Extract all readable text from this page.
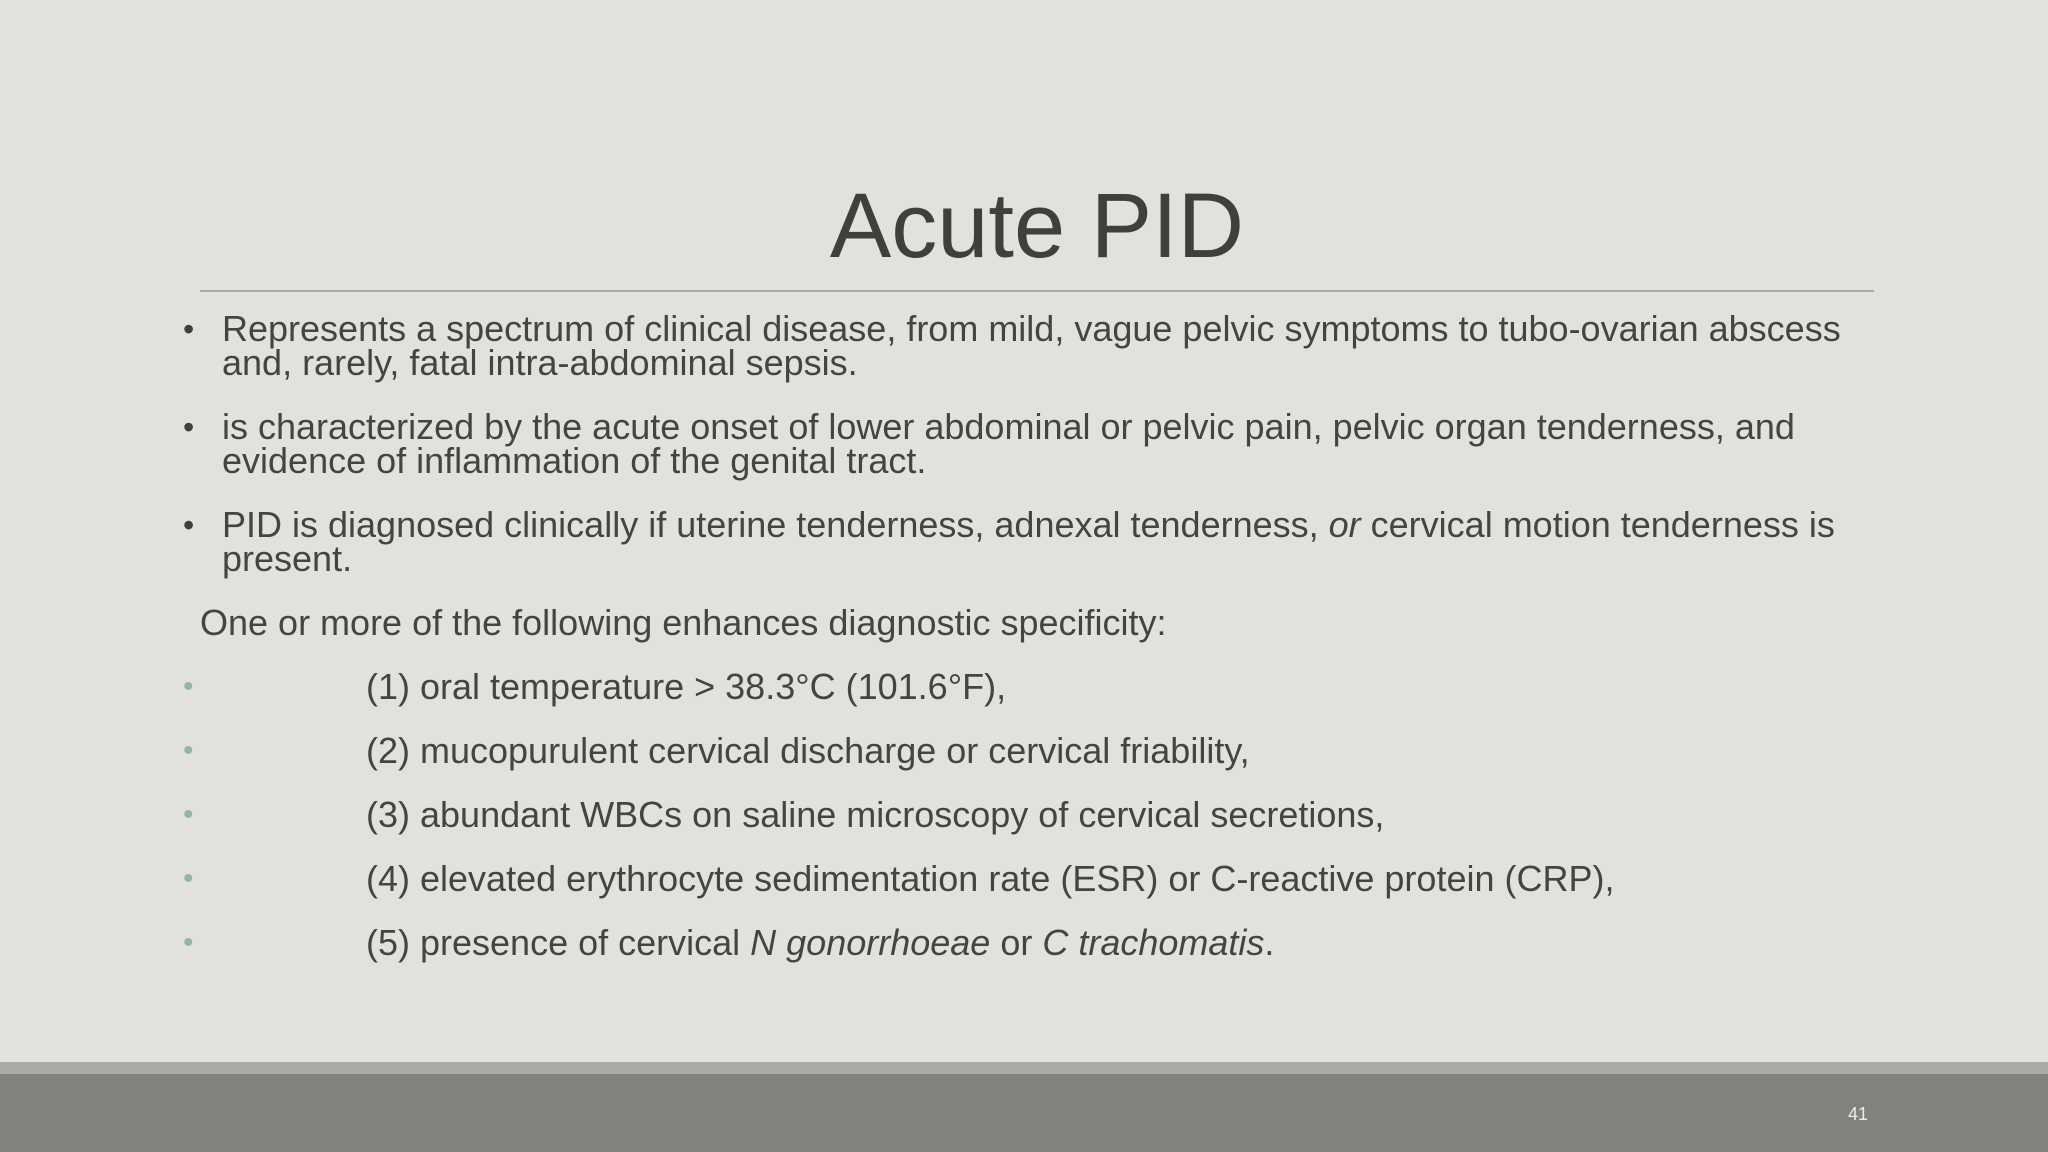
Acute PID
• Represents a spectrum of clinical disease, from mild, vague pelvic symptoms to tubo-ovarian abscess and, rarely, fatal intra-abdominal sepsis.
• is characterized by the acute onset of lower abdominal or pelvic pain, pelvic organ tenderness, and evidence of inflammation of the genital tract.
• PID is diagnosed clinically if uterine tenderness, adnexal tenderness, or cervical motion tenderness is present.
One or more of the following enhances diagnostic specificity:
•	(1) oral temperature > 38.3°C (101.6°F),
•	(2) mucopurulent cervical discharge or cervical friability,
•	(3) abundant WBCs on saline microscopy of cervical secretions,
•	(4) elevated erythrocyte sedimentation rate (ESR) or C-reactive protein (CRP),
•	(5) presence of cervical N gonorrhoeae or C trachomatis.
41
